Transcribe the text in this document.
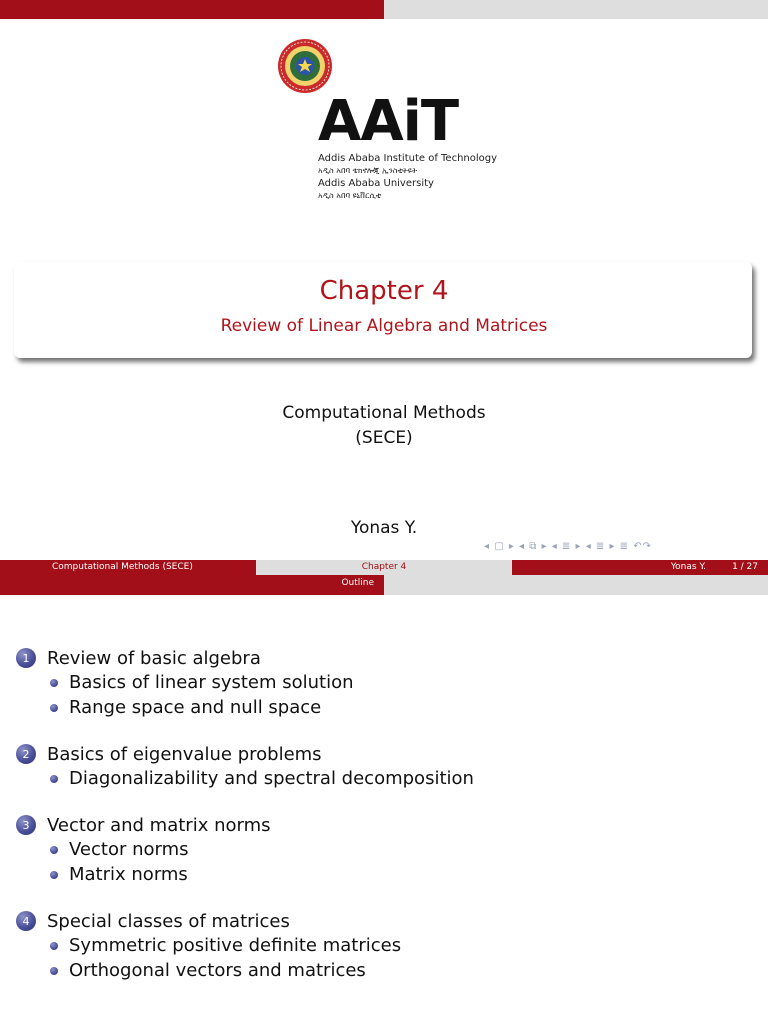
AAiT
Addis Ababa Institute of Technology
አዲስ አበባ ቴክኖሎጂ ኢንስቲትዩት
Addis Ababa University
አዲስ አበባ ዩኒቨርሲቲ
Chapter 4
Review of Linear Algebra and Matrices
Computational Methods
(SECE)
Yonas Y.
◂ ▢ ▸ ◂ ⧉ ▸ ◂ ≣ ▸ ◂ ≣ ▸ ≣ ↶↷
Computational Methods (SECE)	Chapter 4	Yonas Y.	1 / 27
Outline
1 Review of basic algebra
Basics of linear system solution
Range space and null space
2 Basics of eigenvalue problems
Diagonalizability and spectral decomposition
3 Vector and matrix norms
Vector norms
Matrix norms
4 Special classes of matrices
Symmetric positive definite matrices
Orthogonal vectors and matrices
